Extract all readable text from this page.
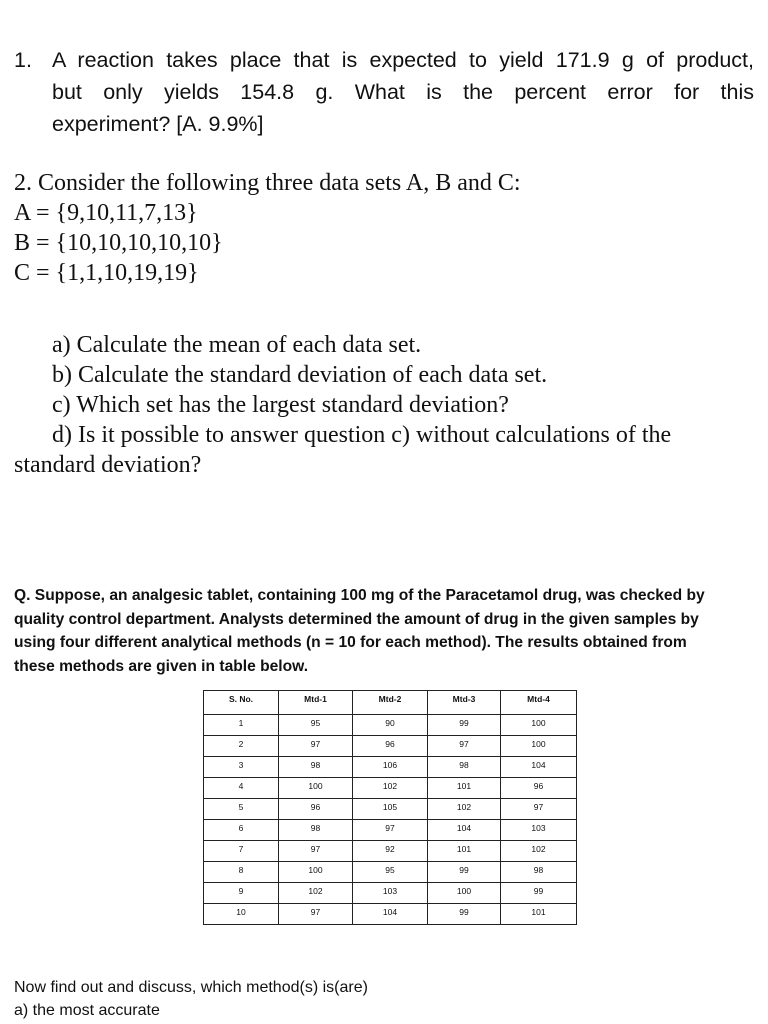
1. A reaction takes place that is expected to yield 171.9 g of product,
but only yields 154.8 g. What is the percent error for this
experiment? [A. 9.9%]
2. Consider the following three data sets A, B and C:
A = {9,10,11,7,13}
B = {10,10,10,10,10}
C = {1,1,10,19,19}
a) Calculate the mean of each data set.
b) Calculate the standard deviation of each data set.
c) Which set has the largest standard deviation?
d) Is it possible to answer question c) without calculations of the
standard deviation?
Q. Suppose, an analgesic tablet, containing 100 mg of the Paracetamol drug, was checked by
quality control department. Analysts determined the amount of drug in the given samples by
using four different analytical methods (n = 10 for each method). The results obtained from
these methods are given in table below.
S. No.	Mtd-1	Mtd-2	Mtd-3	Mtd-4
1	95	90	99	100
2	97	96	97	100
3	98	106	98	104
4	100	102	101	96
5	96	105	102	97
6	98	97	104	103
7	97	92	101	102
8	100	95	99	98
9	102	103	100	99
10	97	104	99	101
Now find out and discuss, which method(s) is(are)
a) the most accurate
